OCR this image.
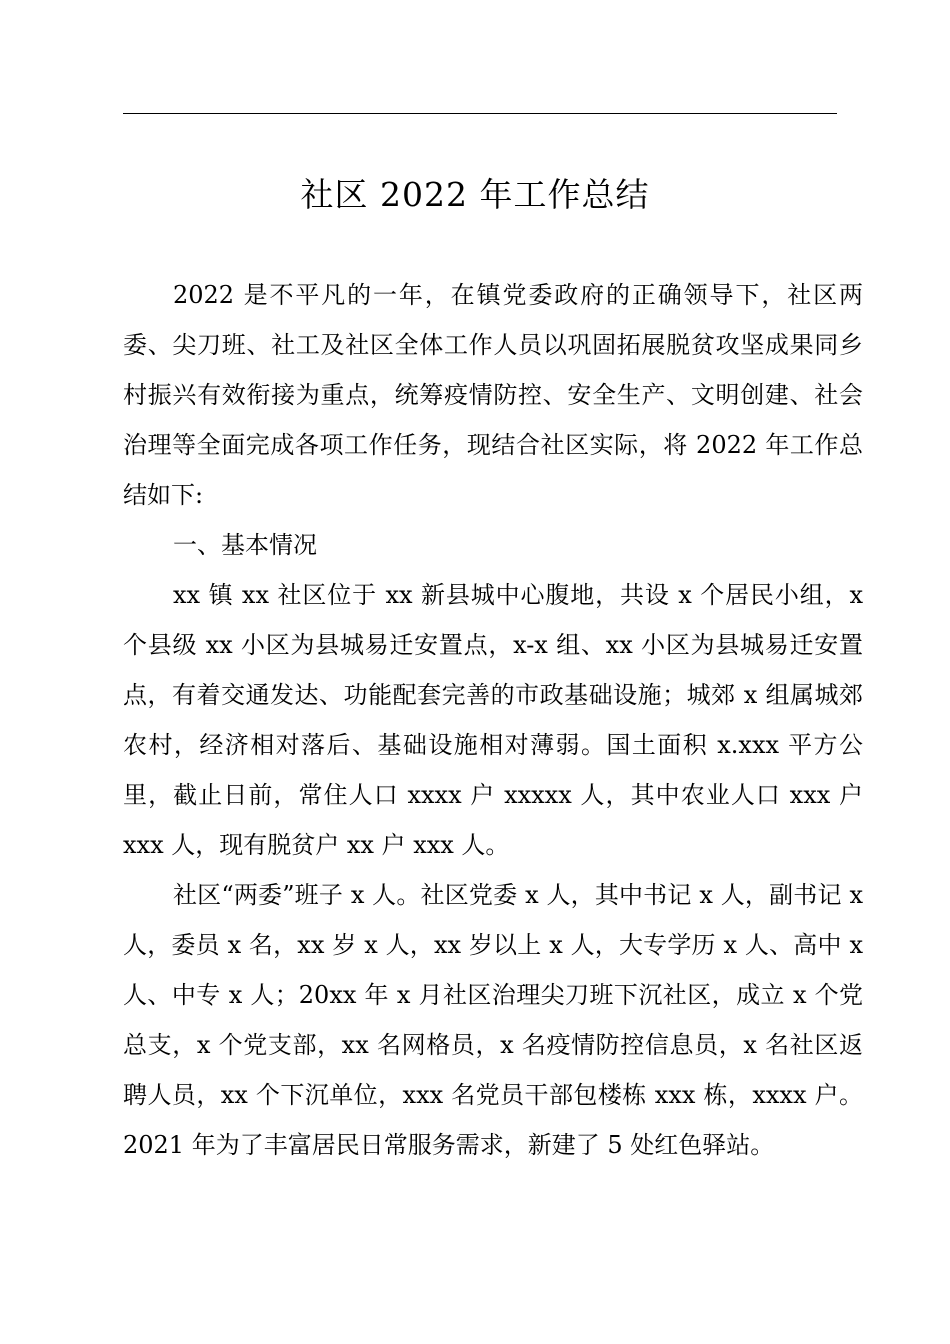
社区 2022 年工作总结

2022 是不平凡的一年，在镇党委政府的正确领导下，社区两委、尖刀班、社工及社区全体工作人员以巩固拓展脱贫攻坚成果同乡村振兴有效衔接为重点，统筹疫情防控、安全生产、文明创建、社会治理等全面完成各项工作任务，现结合社区实际，将 2022 年工作总结如下:

一、基本情况

xx 镇 xx 社区位于 xx 新县城中心腹地，共设 x 个居民小组，x 个县级 xx 小区为县城易迁安置点，x-x 组、xx 小区为县城易迁安置点，有着交通发达、功能配套完善的市政基础设施；城郊 x 组属城郊农村，经济相对落后、基础设施相对薄弱。国土面积 x.xxx 平方公里，截止日前，常住人口 xxxx 户 xxxxx 人，其中农业人口 xxx 户 xxx 人，现有脱贫户 xx 户 xxx 人。

社区“两委”班子 x 人。社区党委 x 人，其中书记 x 人，副书记 x 人，委员 x 名，xx 岁 x 人，xx 岁以上 x 人，大专学历 x 人、高中 x 人、中专 x 人；20xx 年 x 月社区治理尖刀班下沉社区，成立 x 个党总支，x 个党支部，xx 名网格员，x 名疫情防控信息员，x 名社区返聘人员，xx 个下沉单位，xxx 名党员干部包楼栋 xxx 栋，xxxx 户。2021 年为了丰富居民日常服务需求，新建了 5 处红色驿站。
